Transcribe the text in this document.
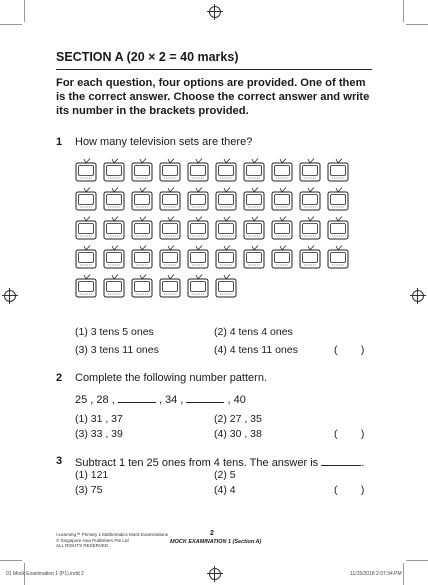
SECTION A (20 × 2 = 40 marks)
For each question, four options are provided. One of them is the correct answer. Choose the correct answer and write its number in the brackets provided.
1 How many television sets are there?
(1) 3 tens 5 ones	(2) 4 tens 4 ones
(3) 3 tens 11 ones	(4) 4 tens 11 ones	(        )
2 Complete the following number pattern.
25 , 28 ,	, 34 ,	, 40
(1) 31 , 37	(2) 27 , 35
(3) 33 , 39	(4) 30 , 38	(        )
3 Subtract 1 ten 25 ones from 4 tens. The answer is	.
(1) 121	(2) 5
(3) 75	(4) 4	(        )
i-Learning™ Primary 1 Mathematics Mock Examinations
© Singapore Asia Publishers Pte Ltd
ALL RIGHTS RESERVED.
2
MOCK EXAMINATION 1 (Section A)
01 Mock Examination 1 (P1).indd 2	11/15/2018 2:07:34 PM
